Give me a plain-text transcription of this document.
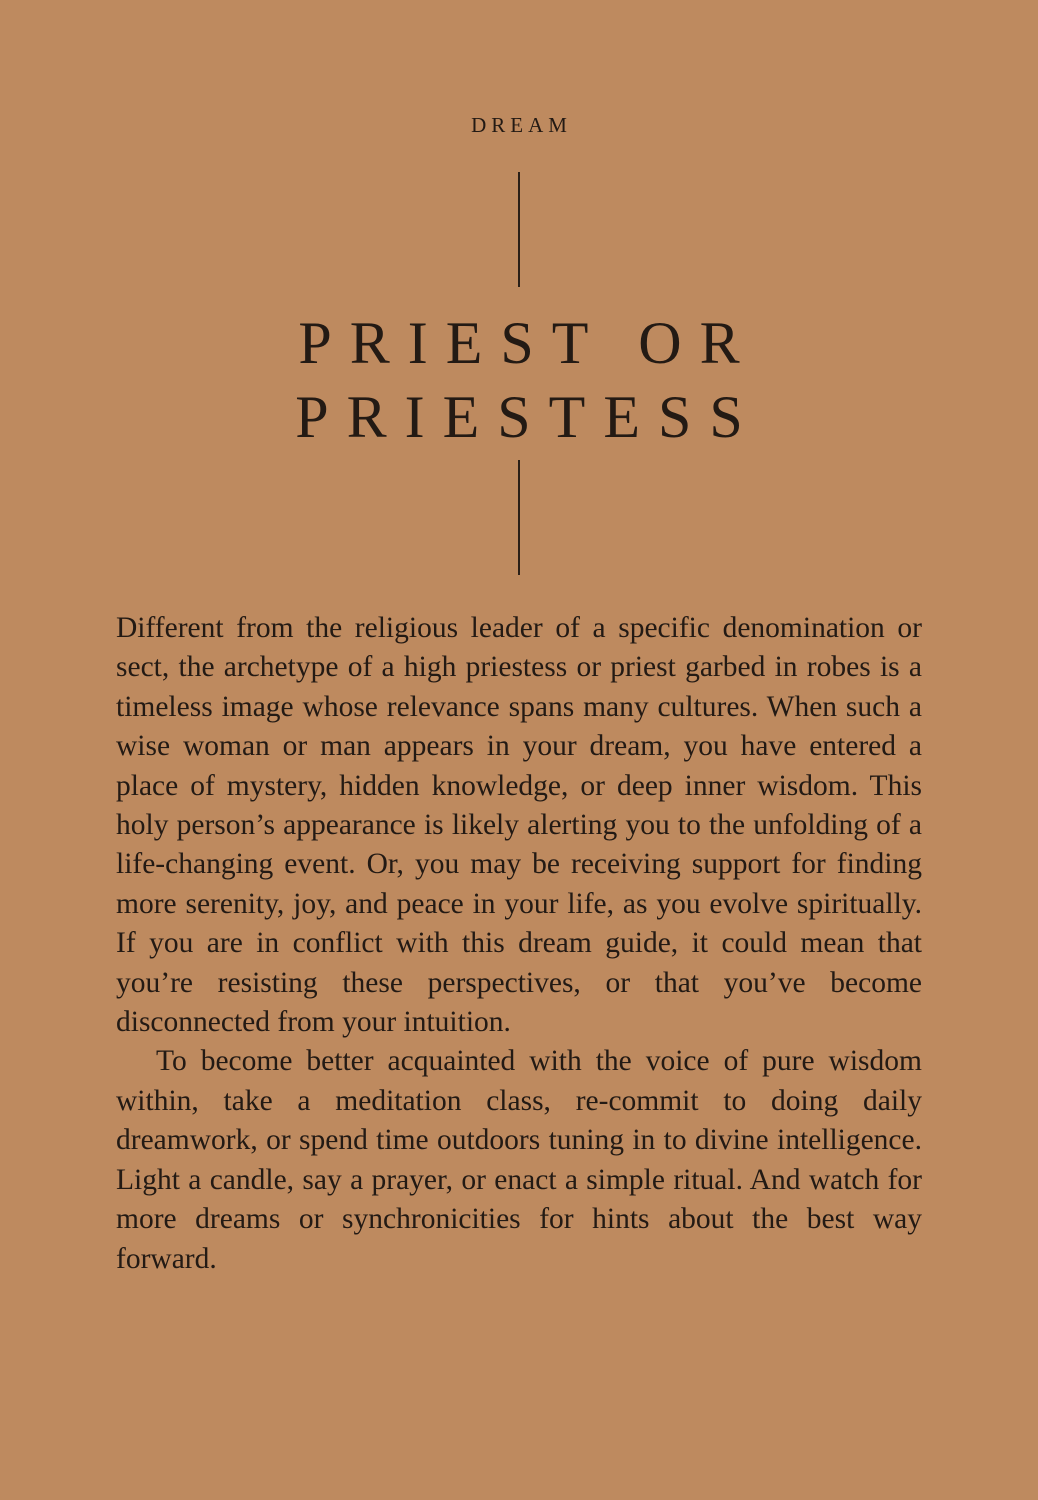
DREAM
PRIEST OR
PRIESTESS

Different from the religious leader of a specific denomination or sect, the archetype of a high priestess or priest garbed in robes is a timeless image whose relevance spans many cultures. When such a wise woman or man appears in your dream, you have entered a place of mystery, hidden knowledge, or deep inner wisdom. This holy person’s appearance is likely alerting you to the unfolding of a life-changing event. Or, you may be receiving support for finding more serenity, joy, and peace in your life, as you evolve spiritually. If you are in conflict with this dream guide, it could mean that you’re resisting these perspectives, or that you’ve become disconnected from your intuition.

To become better acquainted with the voice of pure wisdom within, take a meditation class, re-commit to doing daily dreamwork, or spend time outdoors tuning in to divine intelligence. Light a candle, say a prayer, or enact a simple ritual. And watch for more dreams or synchronicities for hints about the best way forward.
